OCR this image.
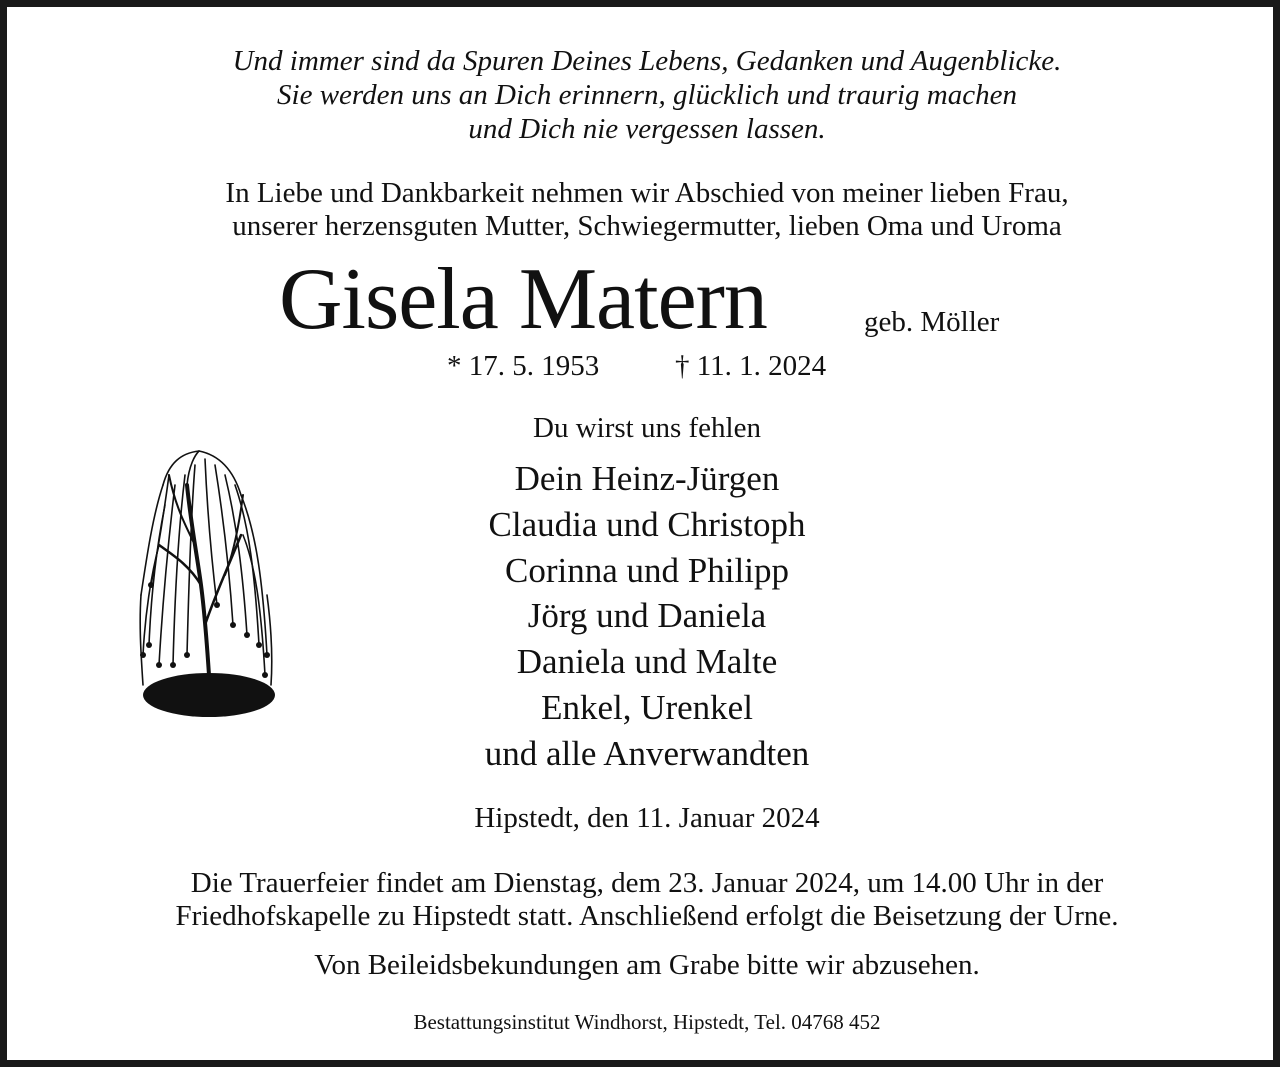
Und immer sind da Spuren Deines Lebens, Gedanken und Augenblicke.
Sie werden uns an Dich erinnern, glücklich und traurig machen
und Dich nie vergessen lassen.
In Liebe und Dankbarkeit nehmen wir Abschied von meiner lieben Frau,
unserer herzensguten Mutter, Schwiegermutter, lieben Oma und Uroma
Gisela Matern	geb. Möller
* 17. 5. 1953	† 11. 1. 2024
Du wirst uns fehlen
Dein Heinz-Jürgen
Claudia und Christoph
Corinna und Philipp
Jörg und Daniela
Daniela und Malte
Enkel, Urenkel
und alle Anverwandten
Hipstedt, den 11. Januar 2024
Die Trauerfeier findet am Dienstag, dem 23. Januar 2024, um 14.00 Uhr in der
Friedhofskapelle zu Hipstedt statt. Anschließend erfolgt die Beisetzung der Urne.
Von Beileidsbekundungen am Grabe bitte wir abzusehen.
Bestattungsinstitut Windhorst, Hipstedt, Tel. 04768 452
